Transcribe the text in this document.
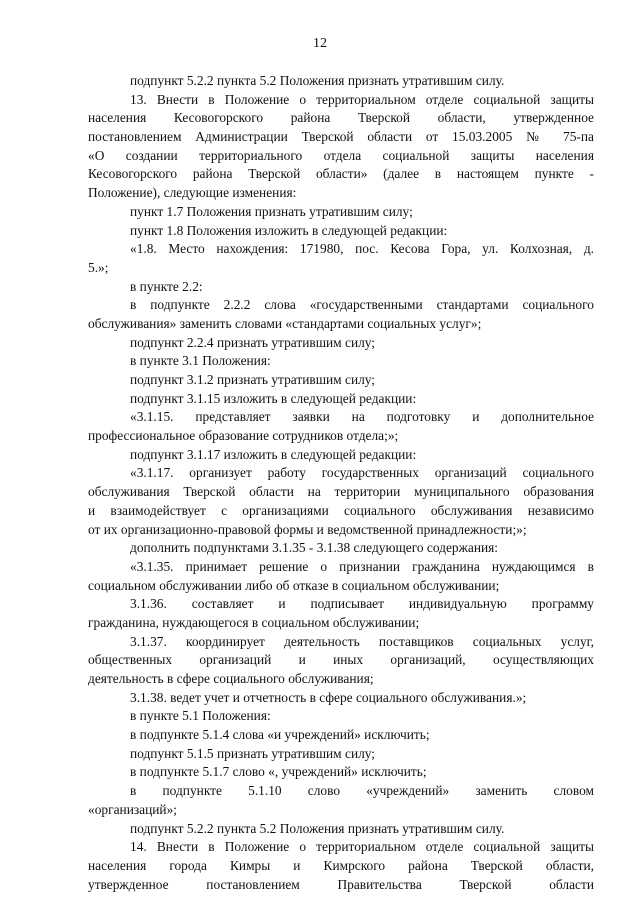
12
подпункт 5.2.2 пункта 5.2 Положения признать утратившим силу.
13. Внести в Положение о территориальном отделе социальной защиты
населения Кесовогорского района Тверской области, утвержденное
постановлением Администрации Тверской области от 15.03.2005 № 75-па
«О создании территориального отдела социальной защиты населения
Кесовогорского района Тверской области» (далее в настоящем пункте -
Положение), следующие изменения:
пункт 1.7 Положения признать утратившим силу;
пункт 1.8 Положения изложить в следующей редакции:
«1.8. Место нахождения: 171980, пос. Кесова Гора, ул. Колхозная, д.
5.»;
в пункте 2.2:
в подпункте 2.2.2 слова «государственными стандартами социального
обслуживания» заменить словами «стандартами социальных услуг»;
подпункт 2.2.4 признать утратившим силу;
в пункте 3.1 Положения:
подпункт 3.1.2 признать утратившим силу;
подпункт 3.1.15 изложить в следующей редакции:
«3.1.15. представляет заявки на подготовку и дополнительное
профессиональное образование сотрудников отдела;»;
подпункт 3.1.17 изложить в следующей редакции:
«3.1.17. организует работу государственных организаций социального
обслуживания Тверской области на территории муниципального образования
и взаимодействует с организациями социального обслуживания независимо
от их организационно-правовой формы и ведомственной принадлежности;»;
дополнить подпунктами 3.1.35 - 3.1.38 следующего содержания:
«3.1.35. принимает решение о признании гражданина нуждающимся в
социальном обслуживании либо об отказе в социальном обслуживании;
3.1.36. составляет и подписывает индивидуальную программу
гражданина, нуждающегося в социальном обслуживании;
3.1.37. координирует деятельность поставщиков социальных услуг,
общественных организаций и иных организаций, осуществляющих
деятельность в сфере социального обслуживания;
3.1.38. ведет учет и отчетность в сфере социального обслуживания.»;
в пункте 5.1 Положения:
в подпункте 5.1.4 слова «и учреждений» исключить;
подпункт 5.1.5 признать утратившим силу;
в подпункте 5.1.7 слово «, учреждений» исключить;
в подпункте 5.1.10 слово «учреждений» заменить словом
«организаций»;
подпункт 5.2.2 пункта 5.2 Положения признать утратившим силу.
14. Внести в Положение о территориальном отделе социальной защиты
населения города Кимры и Кимрского района Тверской области,
утвержденное постановлением Правительства Тверской области
